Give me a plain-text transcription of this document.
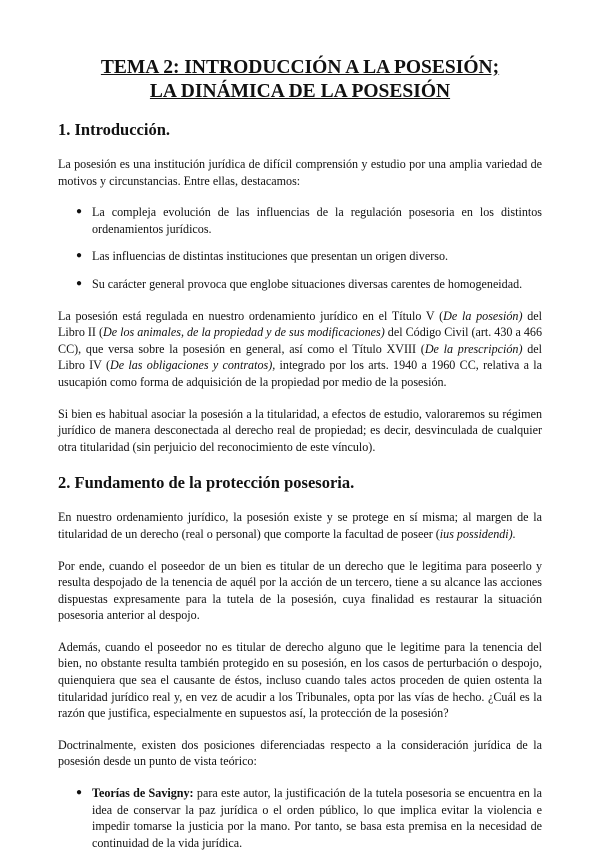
TEMA 2: INTRODUCCIÓN A LA POSESIÓN;
LA DINÁMICA DE LA POSESIÓN
1. Introducción.

La posesión es una institución jurídica de difícil comprensión y estudio por una amplia variedad de motivos y circunstancias. Entre ellas, destacamos:

● La compleja evolución de las influencias de la regulación posesoria en los distintos ordenamientos jurídicos.
● Las influencias de distintas instituciones que presentan un origen diverso.
● Su carácter general provoca que englobe situaciones diversas carentes de homogeneidad.

La posesión está regulada en nuestro ordenamiento jurídico en el Título V (De la posesión) del Libro II (De los animales, de la propiedad y de sus modificaciones) del Código Civil (art. 430 a 466 CC), que versa sobre la posesión en general, así como el Título XVIII (De la prescripción) del Libro IV (De las obligaciones y contratos), integrado por los arts. 1940 a 1960 CC, relativa a la usucapión como forma de adquisición de la propiedad por medio de la posesión.

Si bien es habitual asociar la posesión a la titularidad, a efectos de estudio, valoraremos su régimen jurídico de manera desconectada al derecho real de propiedad; es decir, desvinculada de cualquier otra titularidad (sin perjuicio del reconocimiento de este vínculo).

2. Fundamento de la protección posesoria.

En nuestro ordenamiento jurídico, la posesión existe y se protege en sí misma; al margen de la titularidad de un derecho (real o personal) que comporte la facultad de poseer (ius possidendi).

Por ende, cuando el poseedor de un bien es titular de un derecho que le legitima para poseerlo y resulta despojado de la tenencia de aquél por la acción de un tercero, tiene a su alcance las acciones dispuestas expresamente para la tutela de la posesión, cuya finalidad es restaurar la situación posesoria anterior al despojo.

Además, cuando el poseedor no es titular de derecho alguno que le legitime para la tenencia del bien, no obstante resulta también protegido en su posesión, en los casos de perturbación o despojo, quienquiera que sea el causante de éstos, incluso cuando tales actos proceden de quien ostenta la titularidad jurídico real y, en vez de acudir a los Tribunales, opta por las vías de hecho. ¿Cuál es la razón que justifica, especialmente en supuestos así, la protección de la posesión?

Doctrinalmente, existen dos posiciones diferenciadas respecto a la consideración jurídica de la posesión desde un punto de vista teórico:

● Teorías de Savigny: para este autor, la justificación de la tutela posesoria se encuentra en la idea de conservar la paz jurídica o el orden público, lo que implica evitar la violencia e impedir tomarse la justicia por la mano. Por tanto, se basa esta premisa en la necesidad de continuidad de la vida jurídica.
